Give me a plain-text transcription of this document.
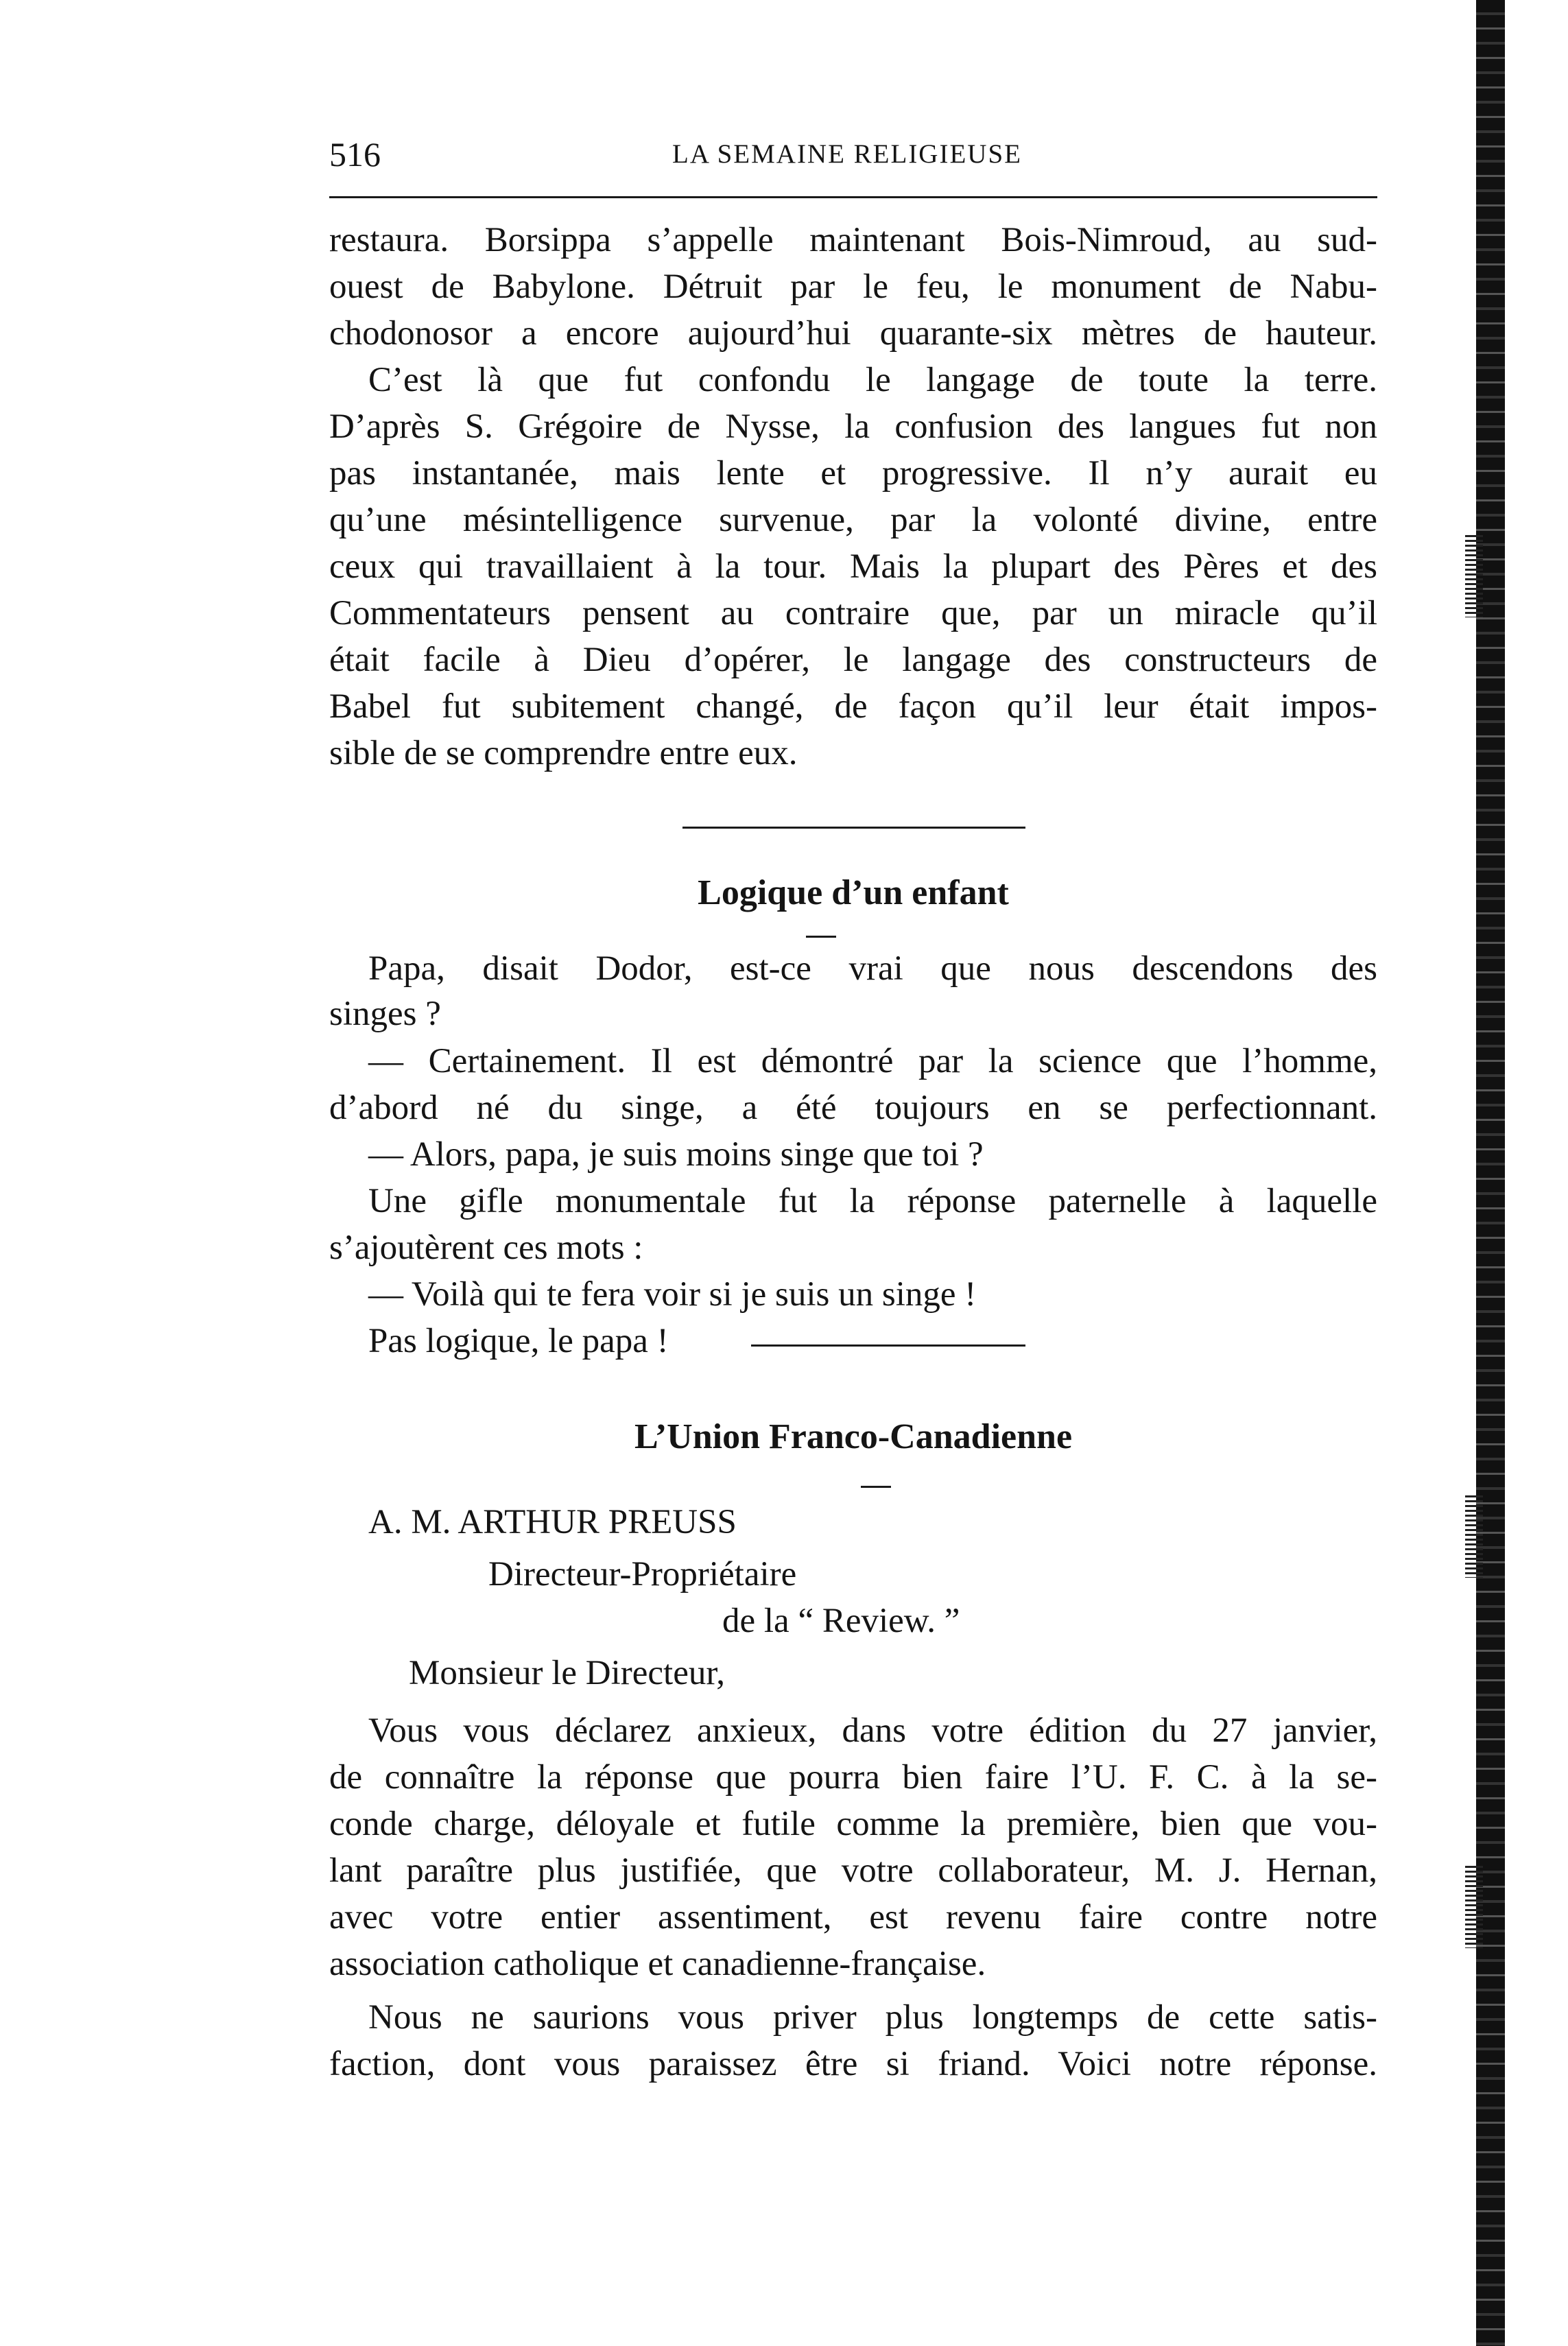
516	LA SEMAINE RELIGIEUSE
restaura. Borsippa s’appelle maintenant Bois-Nimroud, au sud-
ouest de Babylone. Détruit par le feu, le monument de Nabu-
chodonosor a encore aujourd’hui quarante-six mètres de hauteur.
C’est là que fut confondu le langage de toute la terre.
D’après S. Grégoire de Nysse, la confusion des langues fut non
pas instantanée, mais lente et progressive. Il n’y aurait eu
qu’une mésintelligence survenue, par la volonté divine, entre
ceux qui travaillaient à la tour. Mais la plupart des Pères et des
Commentateurs pensent au contraire que, par un miracle qu’il
était facile à Dieu d’opérer, le langage des constructeurs de
Babel fut subitement changé, de façon qu’il leur était impos-
sible de se comprendre entre eux.
Logique d’un enfant
Papa, disait Dodor, est-ce vrai que nous descendons des
singes ?
— Certainement. Il est démontré par la science que l’homme,
d’abord né du singe, a été toujours en se perfectionnant.
— Alors, papa, je suis moins singe que toi ?
Une gifle monumentale fut la réponse paternelle à laquelle
s’ajoutèrent ces mots :
— Voilà qui te fera voir si je suis un singe !
Pas logique, le papa !
L’Union Franco-Canadienne
A. M. ARTHUR PREUSS
Directeur-Propriétaire
de la “ Review. ”
Monsieur le Directeur,
Vous vous déclarez anxieux, dans votre édition du 27 janvier,
de connaître la réponse que pourra bien faire l’U. F. C. à la se-
conde charge, déloyale et futile comme la première, bien que vou-
lant paraître plus justifiée, que votre collaborateur, M. J. Hernan,
avec votre entier assentiment, est revenu faire contre notre
association catholique et canadienne-française.
Nous ne saurions vous priver plus longtemps de cette satis-
faction, dont vous paraissez être si friand. Voici notre réponse.
